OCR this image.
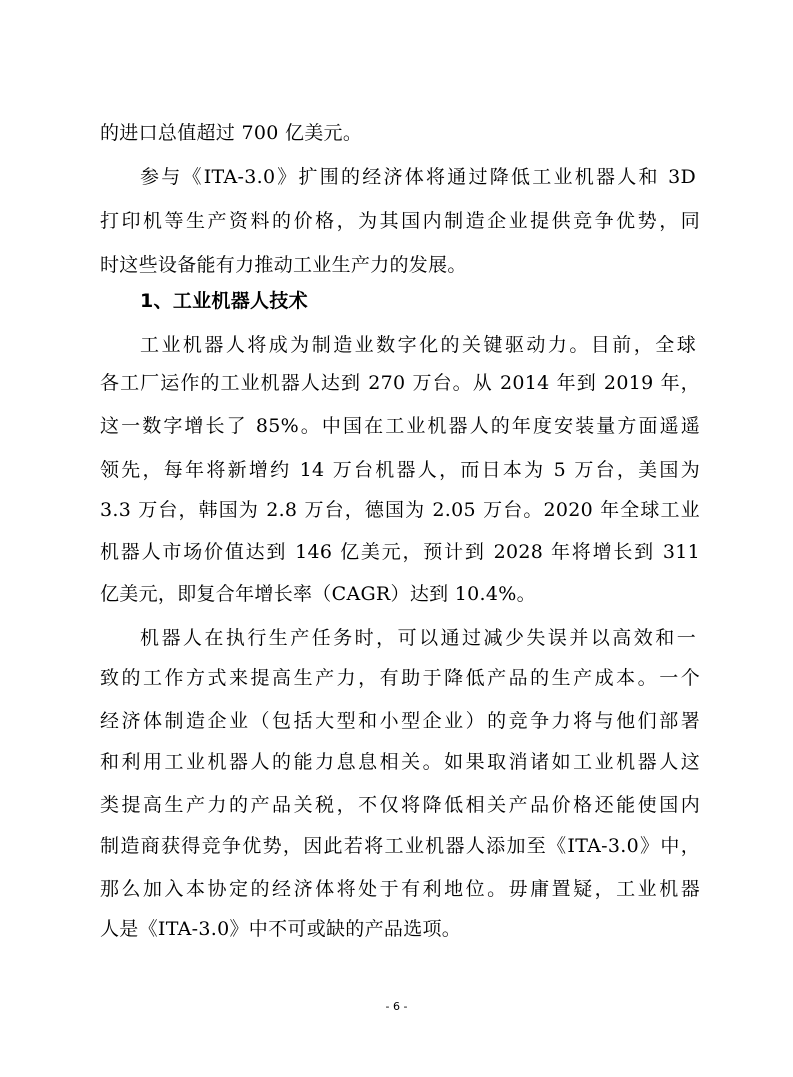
的进口总值超过 700 亿美元。
参与《ITA-3.0》扩围的经济体将通过降低工业机器人和 3D
打印机等生产资料的价格，为其国内制造企业提供竞争优势，同
时这些设备能有力推动工业生产力的发展。
1、工业机器人技术
工业机器人将成为制造业数字化的关键驱动力。目前，全球
各工厂运作的工业机器人达到 270 万台。从 2014 年到 2019 年，
这一数字增长了 85%。中国在工业机器人的年度安装量方面遥遥
领先，每年将新增约 14 万台机器人，而日本为 5 万台，美国为
3.3 万台，韩国为 2.8 万台，德国为 2.05 万台。2020 年全球工业
机器人市场价值达到 146 亿美元，预计到 2028 年将增长到 311
亿美元，即复合年增长率（CAGR）达到 10.4%。
机器人在执行生产任务时，可以通过减少失误并以高效和一
致的工作方式来提高生产力，有助于降低产品的生产成本。一个
经济体制造企业（包括大型和小型企业）的竞争力将与他们部署
和利用工业机器人的能力息息相关。如果取消诸如工业机器人这
类提高生产力的产品关税，不仅将降低相关产品价格还能使国内
制造商获得竞争优势，因此若将工业机器人添加至《ITA-3.0》中，
那么加入本协定的经济体将处于有利地位。毋庸置疑，工业机器
人是《ITA-3.0》中不可或缺的产品选项。
- 6 -
